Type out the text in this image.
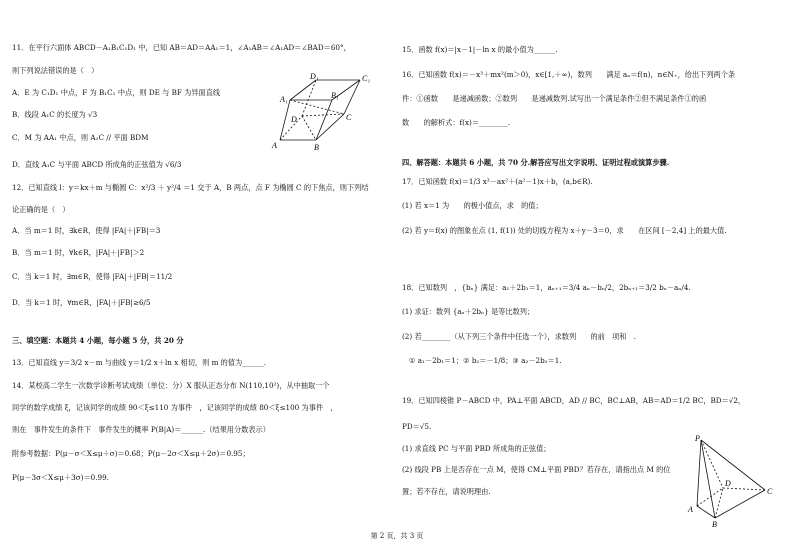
11．在平行六面体 ABCD－A₁B₁C₁D₁ 中，已知 AB＝AD＝AA₁＝1，∠A₁AB＝∠A₁AD＝∠BAD＝60°，
则下列说法错误的是（　）
A．E 为 C₁D₁ 中点，F 为 B₁C₁ 中点，则 DE 与 BF 为异面直线
B．线段 A₁C 的长度为 √3
C．M 为 AA₁ 中点，则 A₁C // 平面 BDM
D．直线 A₁C 与平面 ABCD 所成角的正弦值为 √6/3
D₁	C₁
A₁	B₁
D	C
A	B
12．已知直线 l：y＝kx＋m 与椭圆 C：x²/3 ＋ y²/4 ＝1 交于 A，B 两点，点 F 为椭圆 C 的下焦点，则下列结
论正确的是（　）
A．当 m＝1 时，∃k∈R，使得 |FA|＋|FB|＝3
B．当 m＝1 时，∀k∈R，|FA|＋|FB|＞2
C．当 k＝1 时，∃m∈R，使得 |FA|＋|FB|＝11/2
D．当 k＝1 时，∀m∈R，|FA|＋|FB|≥6/5
三、填空题：本题共 4 小题，每小题 5 分，共 20 分
13．已知直线 y＝3/2 x－m 与曲线 y＝1/2 x＋ln x 相切，则 m 的值为______.
14．某校高二学生一次数学诊断考试成绩（单位：分）X 服从正态分布 N(110,10²)，从中抽取一个
同学的数学成绩 ξ，记该同学的成绩 90＜ξ≤110 为事件　，记该同学的成绩 80＜ξ≤100 为事件　，
则在　事件发生的条件下　事件发生的概率 P(B|A)＝______.（结果用分数表示）
附参考数据：P(μ－σ＜X≤μ＋σ)＝0.68；P(μ－2σ＜X≤μ＋2σ)＝0.95；
P(μ－3σ＜X≤μ＋3σ)＝0.99.
15．函数 f(x)＝|x－1|－ln x 的最小值为______.
16．已知函数 f(x)＝－x³＋mx²(m＞0)，x∈[1,＋∞)，数列　　满足 aₙ＝f(n)，n∈N₊，给出下列两个条
件：①函数　　是递减函数；②数列　　是递减数列.试写出一个满足条件②但不满足条件①的函
数　　的解析式：f(x)＝________.
四、解答题：本题共 6 小题，共 70 分.解答应写出文字说明、证明过程或演算步骤.
17．已知函数 f(x)＝1/3 x³－ax²＋(a²－1)x＋b，(a,b∈R).
(1) 若 x＝1 为　　的极小值点，求　的值；
(2) 若 y＝f(x) 的图象在点 (1, f(1)) 处的切线方程为 x＋y－3＝0，求　　在区间 [－2,4] 上的最大值.
18．已知数列　，{bₙ} 满足：a₁＋2b₁＝1，aₙ₊₁＝3/4 aₙ－bₙ/2，2bₙ₊₁＝3/2 bₙ－aₙ/4.
(1) 求证：数列 {aₙ＋2bₙ} 是等比数列；
(2) 若________（从下列三个条件中任选一个），求数列　　的前　项和　.
① a₁－2b₁＝1；② b₂＝－1/8；③ a₂－2b₂＝1.
19．已知四棱锥 P－ABCD 中，PA⊥平面 ABCD，AD // BC，BC⊥AB，AB＝AD＝1/2 BC，BD＝√2，
PD＝√5.
(1) 求直线 PC 与平面 PBD 所成角的正弦值；
(2) 线段 PB 上是否存在一点 M，使得 CM⊥平面 PBD？若存在，请指出点 M 的位
置；若不存在，请说明理由.
P
D
C
A
B
第 2 页，共 3 页
